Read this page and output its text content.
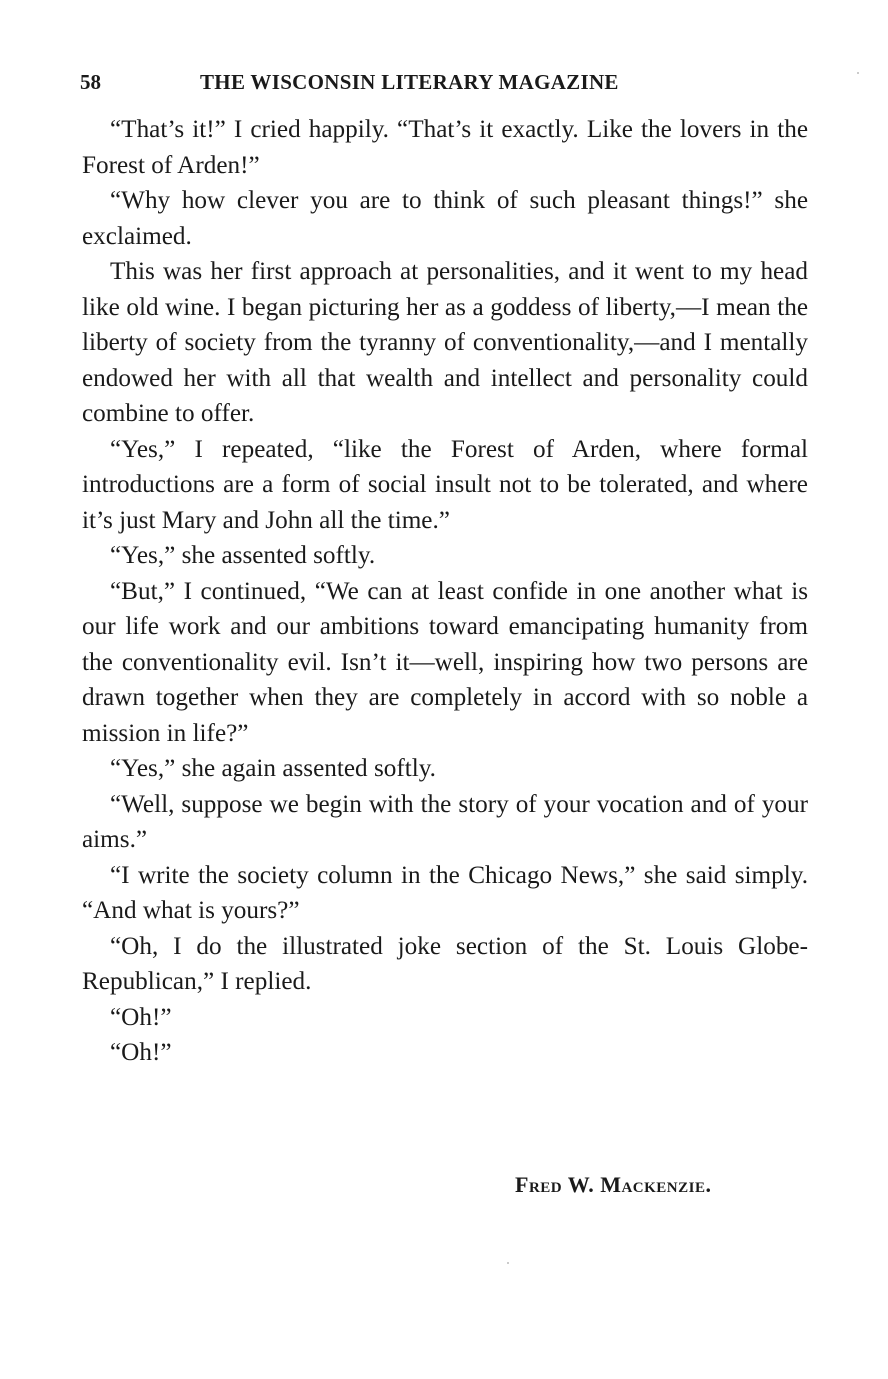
58	THE WISCONSIN LITERARY MAGAZINE

“That’s it!” I cried happily. “That’s it exactly. Like the lovers in the Forest of Arden!”

“Why how clever you are to think of such pleasant things!” she exclaimed.

This was her first approach at personalities, and it went to my head like old wine. I began picturing her as a goddess of liberty,—I mean the liberty of society from the tyranny of conventionality,—and I mentally endowed her with all that wealth and intellect and personality could combine to offer.

“Yes,” I repeated, “like the Forest of Arden, where formal introductions are a form of social insult not to be tolerated, and where it’s just Mary and John all the time.”

“Yes,” she assented softly.

“But,” I continued, “We can at least confide in one another what is our life work and our ambitions toward emancipating humanity from the conventionality evil. Isn’t it—well, inspiring how two persons are drawn together when they are completely in accord with so noble a mission in life?”

“Yes,” she again assented softly.

“Well, suppose we begin with the story of your vocation and of your aims.”

“I write the society column in the Chicago News,” she said simply. “And what is yours?”

“Oh, I do the illustrated joke section of the St. Louis Globe-Republican,” I replied.

“Oh!”

“Oh!”

Fred W. Mackenzie.
